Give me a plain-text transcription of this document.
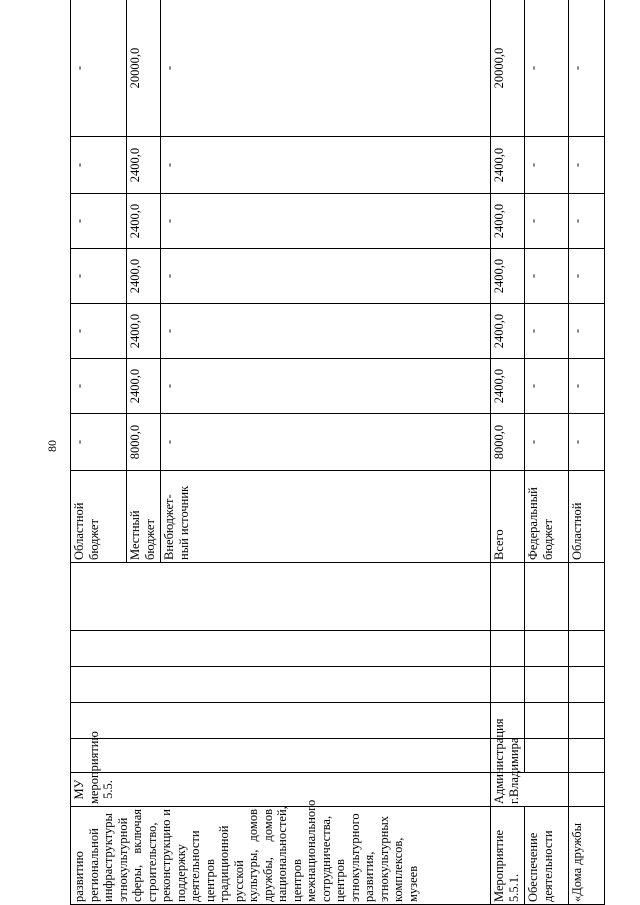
80
развитию региональной инфраструктуры этнокультурной сферы, включая строительство, реконструкцию и поддержку деятельности центров традиционной русской культуры, домов дружбы, домов национальностей, центров межнационального сотрудничества, центров этнокультурного развития, этнокультурных комплексов, музеев	МУ мероприятию 5.5.						Областной бюджет	-	-	-	-	-	-	-
							Местный бюджет	8000,0	2400,0	2400,0	2400,0	2400,0	2400,0	20000,0
							Внебюджет-ный источник	-	-	-	-	-	-	-
Мероприятие 5.5.1.	Администрация г.Владимира						Всего	8000,0	2400,0	2400,0	2400,0	2400,0	2400,0	20000,0
Обеспечение деятельности							Федеральный бюджет	-	-	-	-	-	-	-
«Дома дружбы							Областной	-	-	-	-	-	-	-
